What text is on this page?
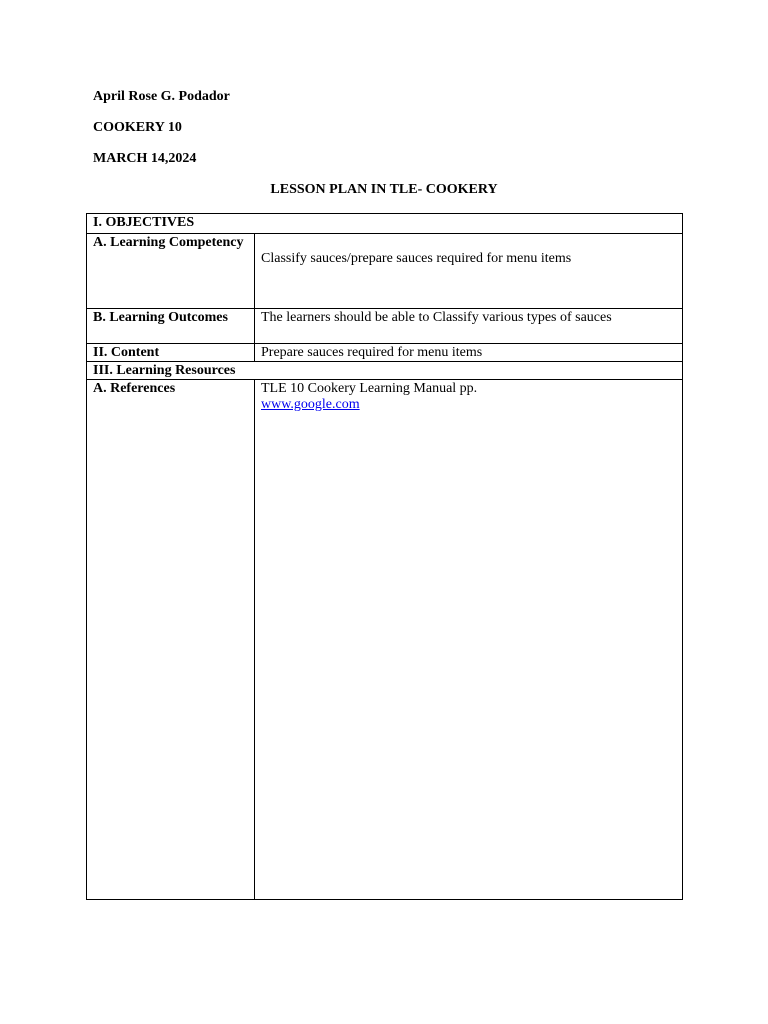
April Rose G. Podador
COOKERY 10
MARCH 14,2024
LESSON PLAN IN TLE- COOKERY
I. OBJECTIVES	
A. Learning Competency	Classify sauces/prepare sauces required for menu items
B. Learning Outcomes	The learners should be able to Classify various types of sauces
II. Content	Prepare sauces required for menu items
III. Learning Resources	
A. References	TLE 10 Cookery Learning Manual pp.
www.google.com
